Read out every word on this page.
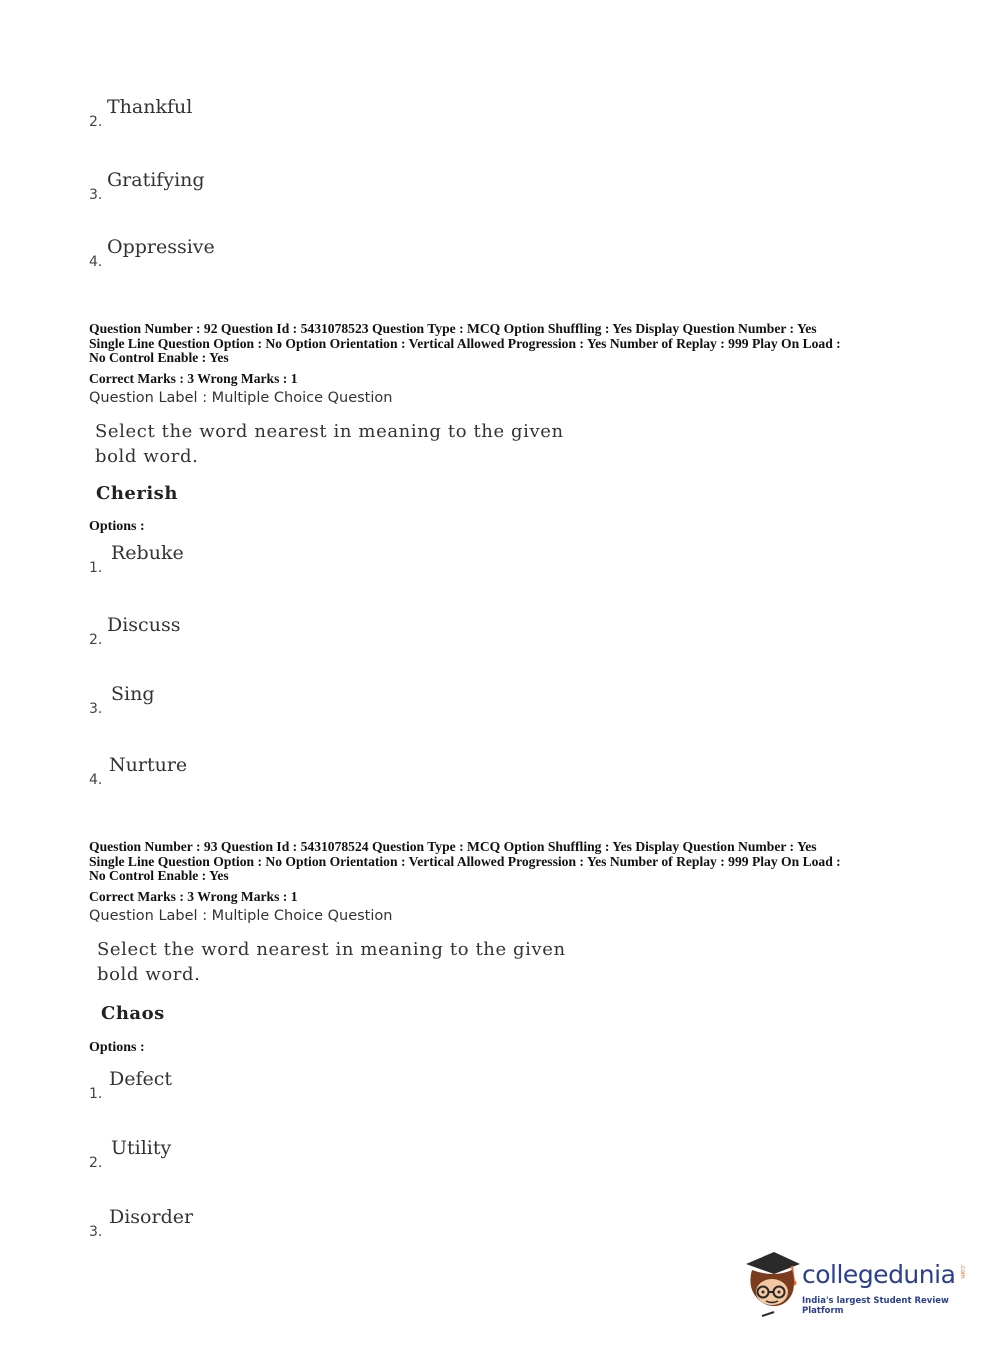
2.
Thankful
3.
Gratifying
4.
Oppressive
Question Number : 92 Question Id : 5431078523 Question Type : MCQ Option Shuffling : Yes Display Question Number : Yes
Single Line Question Option : No Option Orientation : Vertical Allowed Progression : Yes Number of Replay : 999 Play On Load :
No Control Enable : Yes
Correct Marks : 3 Wrong Marks : 1
Question Label : Multiple Choice Question
Select the word nearest in meaning to the given
bold word.
Cherish
Options :
1.
Rebuke
2.
Discuss
3.
Sing
4.
Nurture
Question Number : 93 Question Id : 5431078524 Question Type : MCQ Option Shuffling : Yes Display Question Number : Yes
Single Line Question Option : No Option Orientation : Vertical Allowed Progression : Yes Number of Replay : 999 Play On Load :
No Control Enable : Yes
Correct Marks : 3 Wrong Marks : 1
Question Label : Multiple Choice Question
Select the word nearest in meaning to the given
bold word.
Chaos
Options :
1.
Defect
2.
Utility
3.
Disorder
collegedunia .com
India's largest Student Review Platform
